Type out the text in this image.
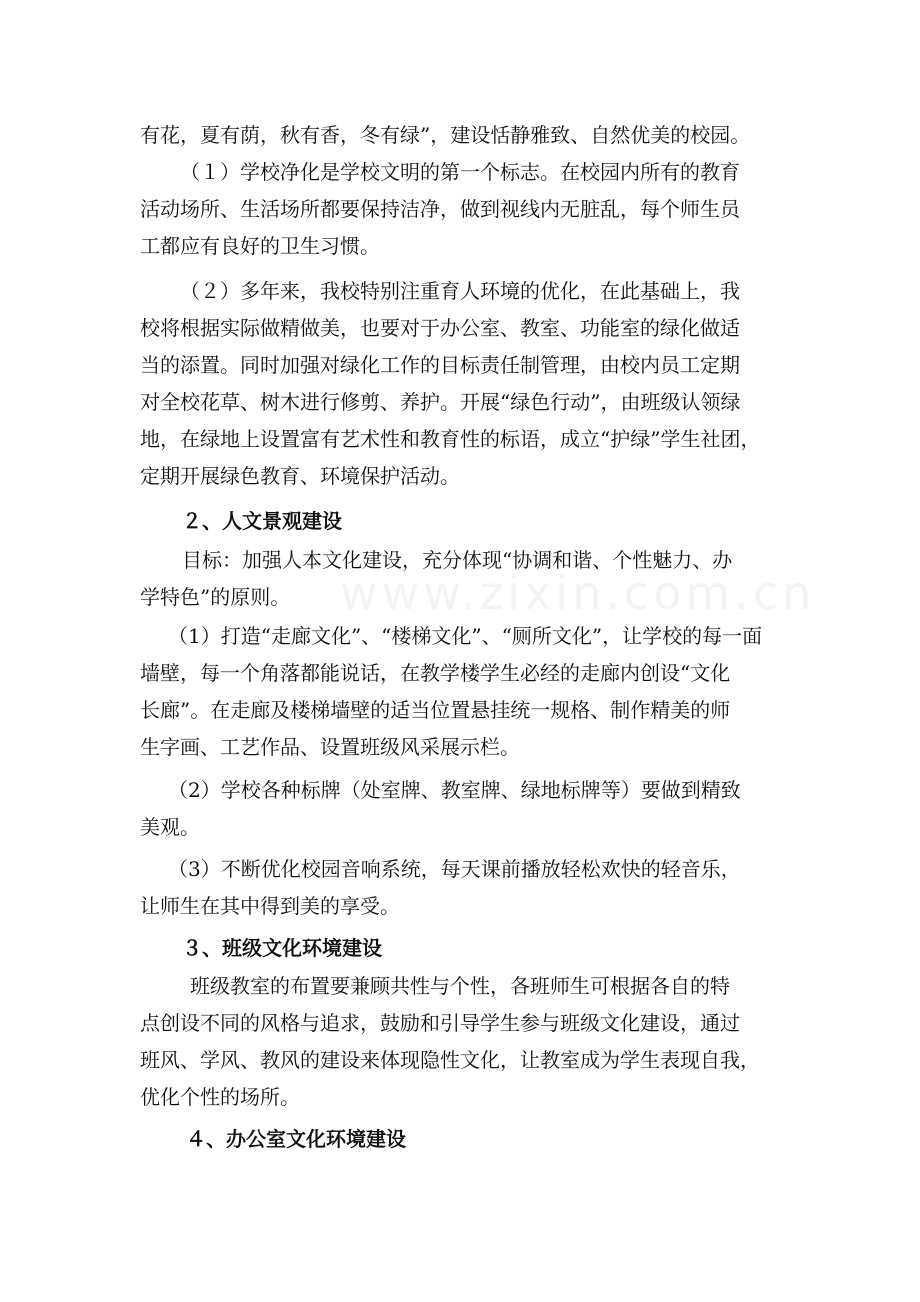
www.zixin.com.cn
有花，夏有荫，秋有香，冬有绿”，建设恬静雅致、自然优美的校园。
（１）学校净化是学校文明的第一个标志。在校园内所有的教育
活动场所、生活场所都要保持洁净，做到视线内无脏乱，每个师生员
工都应有良好的卫生习惯。
（２）多年来，我校特别注重育人环境的优化，在此基础上，我
校将根据实际做精做美，也要对于办公室、教室、功能室的绿化做适
当的添置。同时加强对绿化工作的目标责任制管理，由校内员工定期
对全校花草、树木进行修剪、养护。开展“绿色行动”，由班级认领绿
地，在绿地上设置富有艺术性和教育性的标语，成立“护绿”学生社团，
定期开展绿色教育、环境保护活动。
２、人文景观建设
目标：加强人本文化建设，充分体现“协调和谐、个性魅力、办
学特色”的原则。
（1）打造“走廊文化”、“楼梯文化”、“厕所文化”，让学校的每一面
墙壁，每一个角落都能说话，在教学楼学生必经的走廊内创设“文化
长廊”。在走廊及楼梯墙壁的适当位置悬挂统一规格、制作精美的师
生字画、工艺作品、设置班级风采展示栏。
（2）学校各种标牌（处室牌、教室牌、绿地标牌等）要做到精致
美观。
（3）不断优化校园音响系统，每天课前播放轻松欢快的轻音乐，
让师生在其中得到美的享受。
３、班级文化环境建设
班级教室的布置要兼顾共性与个性，各班师生可根据各自的特
点创设不同的风格与追求，鼓励和引导学生参与班级文化建设，通过
班风、学风、教风的建设来体现隐性文化，让教室成为学生表现自我，
优化个性的场所。
４、办公室文化环境建设
